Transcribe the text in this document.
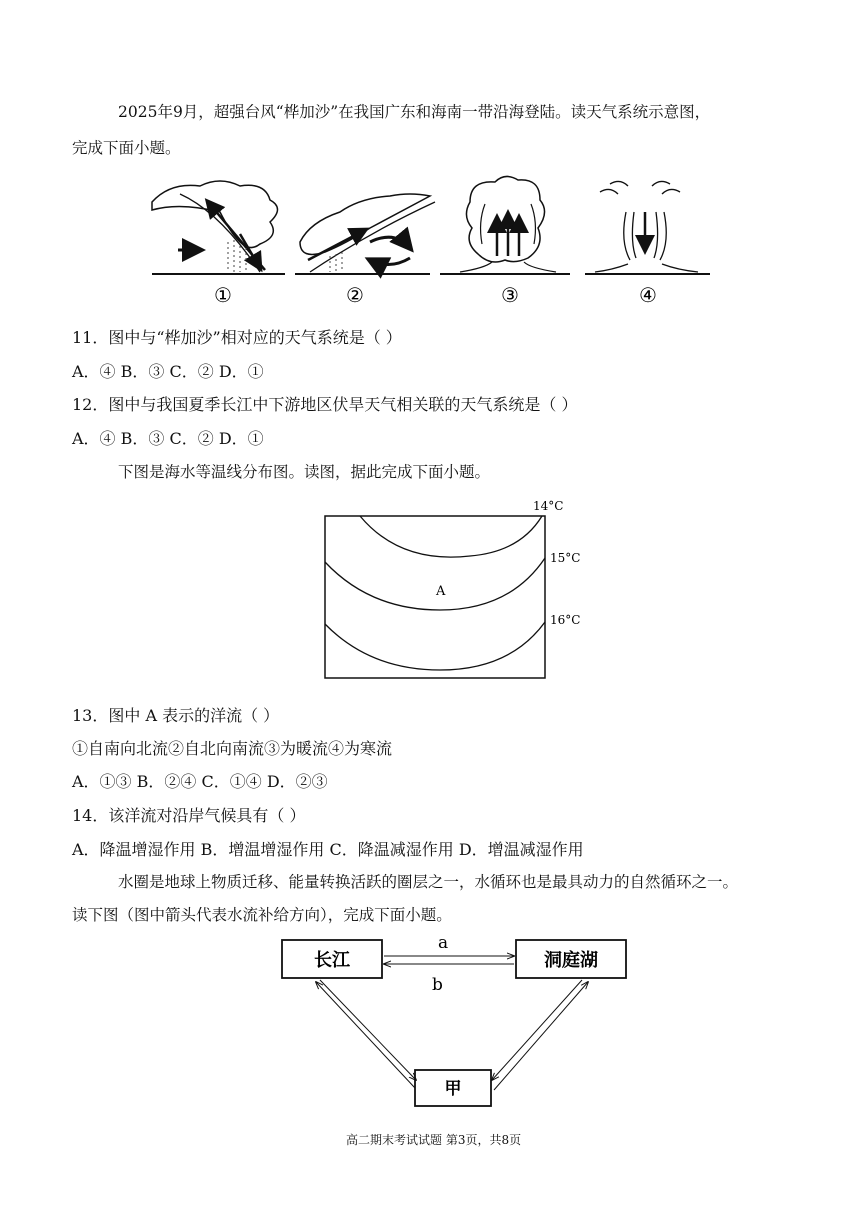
2025年9月，超强台风“桦加沙”在我国广东和海南一带沿海登陆。读天气系统示意图，
完成下面小题。
①	②	③	④
11．图中与“桦加沙”相对应的天气系统是（ ）
A．④ B．③ C．② D．①
12．图中与我国夏季长江中下游地区伏旱天气相关联的天气系统是（ ）
A．④ B．③ C．② D．①
下图是海水等温线分布图。读图，据此完成下面小题。
14°C
15°C
16°C
A
13．图中 A 表示的洋流（ ）
①自南向北流②自北向南流③为暖流④为寒流
A．①③ B．②④ C．①④ D．②③
14．该洋流对沿岸气候具有（ ）
A．降温增湿作用 B．增温增湿作用 C．降温减湿作用 D．增温减湿作用
水圈是地球上物质迁移、能量转换活跃的圈层之一，水循环也是最具动力的自然循环之一。
读下图（图中箭头代表水流补给方向），完成下面小题。
长江	洞庭湖
甲
a
b
高二期末考试试题 第3页，共8页
